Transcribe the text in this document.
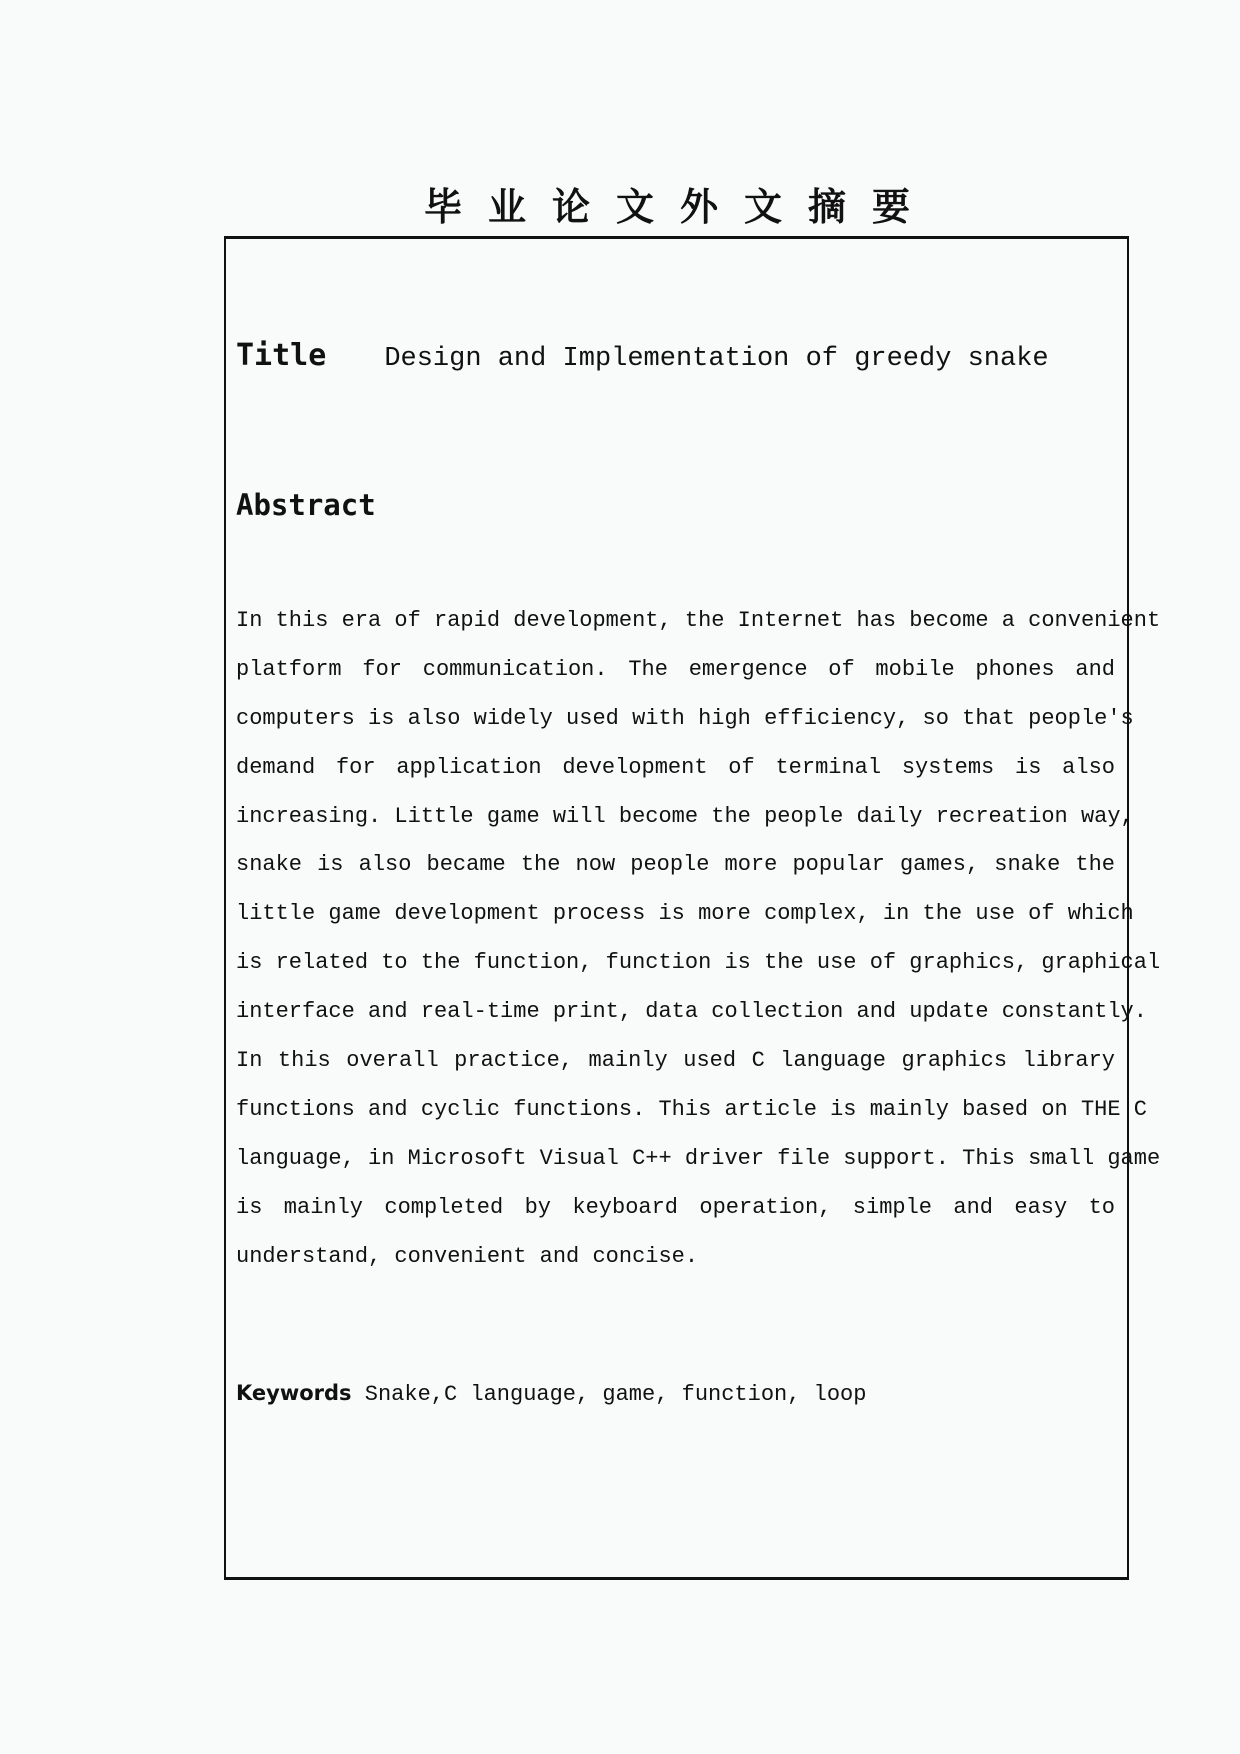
毕业论文外文摘要
Title Design and Implementation of greedy snake
Abstract
In this era of rapid development, the Internet has become a convenient
platform for communication. The emergence of mobile phones and
computers is also widely used with high efficiency, so that people's
demand for application development of terminal systems is also
increasing. Little game will become the people daily recreation way,
snake is also became the now people more popular games, snake the
little game development process is more complex, in the use of which
is related to the function, function is the use of graphics, graphical
interface and real-time print, data collection and update constantly.
In this overall practice, mainly used C language graphics library
functions and cyclic functions. This article is mainly based on THE C
language, in Microsoft Visual C++ driver file support. This small game
is mainly completed by keyboard operation, simple and easy to
understand, convenient and concise.
Keywords Snake,C language, game, function, loop
